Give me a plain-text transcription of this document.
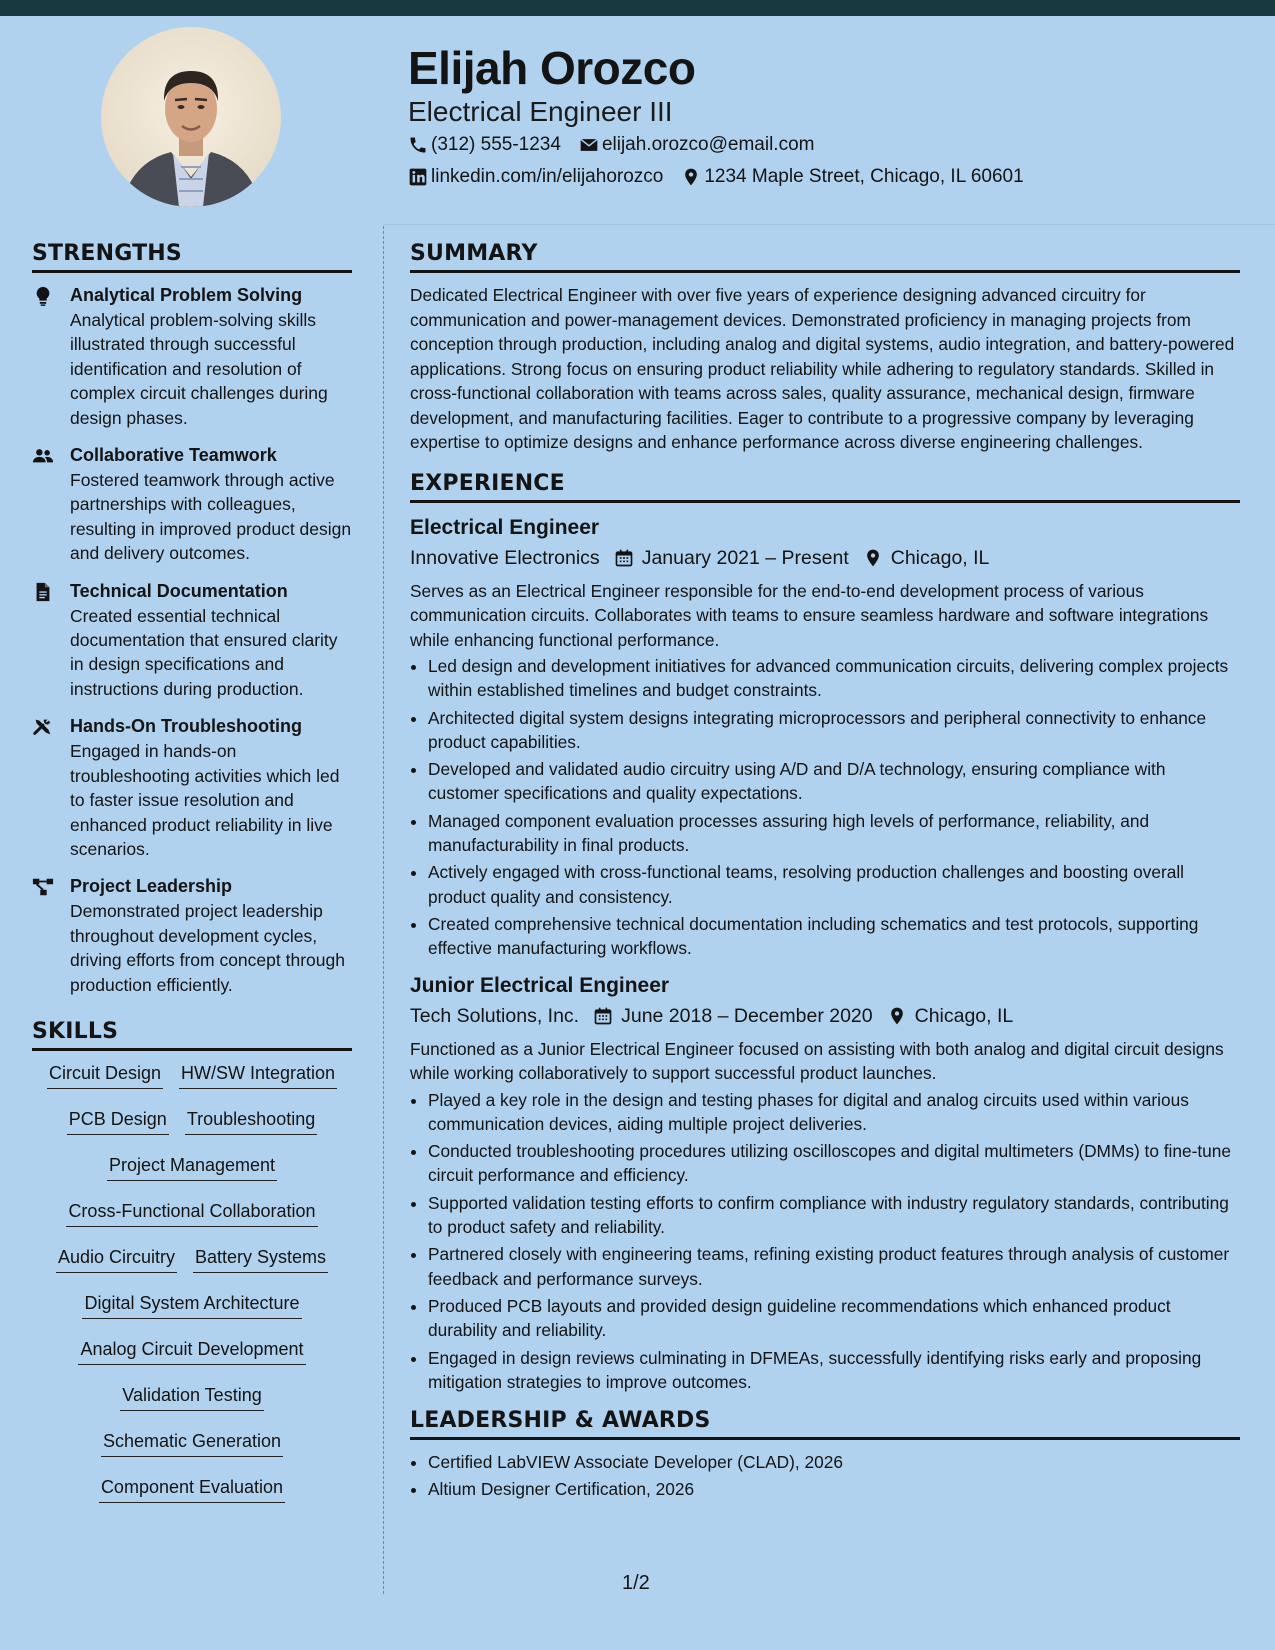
Elijah Orozco
Electrical Engineer III
(312) 555-1234 elijah.orozco@email.com
linkedin.com/in/elijahorozco 1234 Maple Street, Chicago, IL 60601
STRENGTHS
Analytical Problem Solving
Analytical problem-solving skills illustrated through successful identification and resolution of complex circuit challenges during design phases.
Collaborative Teamwork
Fostered teamwork through active partnerships with colleagues, resulting in improved product design and delivery outcomes.
Technical Documentation
Created essential technical documentation that ensured clarity in design specifications and instructions during production.
Hands-On Troubleshooting
Engaged in hands-on troubleshooting activities which led to faster issue resolution and enhanced product reliability in live scenarios.
Project Leadership
Demonstrated project leadership throughout development cycles, driving efforts from concept through production efficiently.
SKILLS
Circuit Design HW/SW Integration
PCB Design Troubleshooting
Project Management
Cross-Functional Collaboration
Audio Circuitry Battery Systems
Digital System Architecture
Analog Circuit Development
Validation Testing
Schematic Generation
Component Evaluation
SUMMARY

Dedicated Electrical Engineer with over five years of experience designing advanced circuitry for communication and power-management devices. Demonstrated proficiency in managing projects from conception through production, including analog and digital systems, audio integration, and battery-powered applications. Strong focus on ensuring product reliability while adhering to regulatory standards. Skilled in cross-functional collaboration with teams across sales, quality assurance, mechanical design, firmware development, and manufacturing facilities. Eager to contribute to a progressive company by leveraging expertise to optimize designs and enhance performance across diverse engineering challenges.

EXPERIENCE
Electrical Engineer
Innovative Electronics January 2021 – Present Chicago, IL

Serves as an Electrical Engineer responsible for the end-to-end development process of various communication circuits. Collaborates with teams to ensure seamless hardware and software integrations while enhancing functional performance.

• Led design and development initiatives for advanced communication circuits, delivering complex projects within established timelines and budget constraints.
• Architected digital system designs integrating microprocessors and peripheral connectivity to enhance product capabilities.
• Developed and validated audio circuitry using A/D and D/A technology, ensuring compliance with customer specifications and quality expectations.
• Managed component evaluation processes assuring high levels of performance, reliability, and manufacturability in final products.
• Actively engaged with cross-functional teams, resolving production challenges and boosting overall product quality and consistency.
• Created comprehensive technical documentation including schematics and test protocols, supporting effective manufacturing workflows.
Junior Electrical Engineer
Tech Solutions, Inc. June 2018 – December 2020 Chicago, IL

Functioned as a Junior Electrical Engineer focused on assisting with both analog and digital circuit designs while working collaboratively to support successful product launches.

• Played a key role in the design and testing phases for digital and analog circuits used within various communication devices, aiding multiple project deliveries.
• Conducted troubleshooting procedures utilizing oscilloscopes and digital multimeters (DMMs) to fine-tune circuit performance and efficiency.
• Supported validation testing efforts to confirm compliance with industry regulatory standards, contributing to product safety and reliability.
• Partnered closely with engineering teams, refining existing product features through analysis of customer feedback and performance surveys.
• Produced PCB layouts and provided design guideline recommendations which enhanced product durability and reliability.
• Engaged in design reviews culminating in DFMEAs, successfully identifying risks early and proposing mitigation strategies to improve outcomes.
LEADERSHIP & AWARDS
• Certified LabVIEW Associate Developer (CLAD), 2026
• Altium Designer Certification, 2026
1/2
